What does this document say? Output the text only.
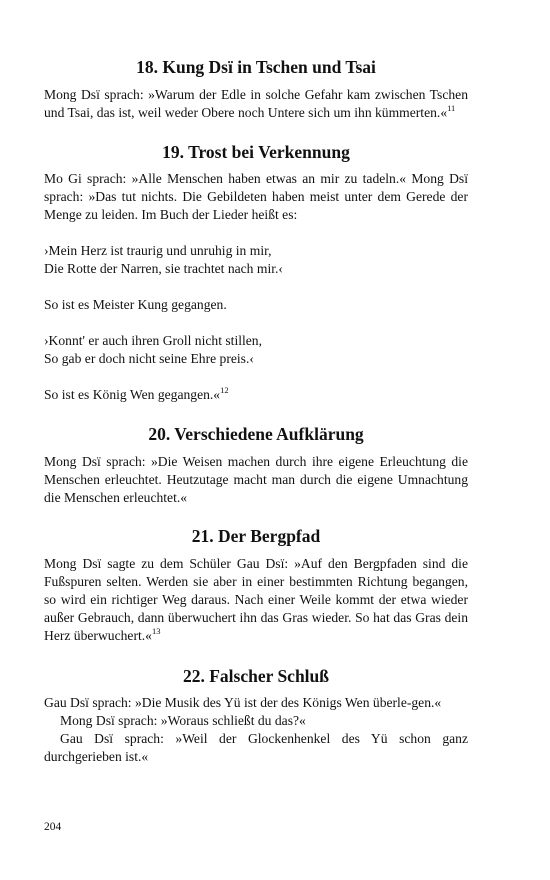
18. Kung Dsï in Tschen und Tsai

Mong Dsï sprach: »Warum der Edle in solche Gefahr kam zwischen Tschen und Tsai, das ist, weil weder Obere noch Untere sich um ihn kümmerten.«$^{11}$

19. Trost bei Verkennung

Mo Gi sprach: »Alle Menschen haben etwas an mir zu tadeln.« Mong Dsï sprach: »Das tut nichts. Die Gebildeten haben meist unter dem Gerede der Menge zu leiden. Im Buch der Lieder heißt es:

›Mein Herz ist traurig und unruhig in mir,

Die Rotte der Narren, sie trachtet nach mir.‹

So ist es Meister Kung gegangen.

›Konnt' er auch ihren Groll nicht stillen,

So gab er doch nicht seine Ehre preis.‹

So ist es König Wen gegangen.«$^{12}$

20. Verschiedene Aufklärung

Mong Dsï sprach: »Die Weisen machen durch ihre eigene Erleuchtung die Menschen erleuchtet. Heutzutage macht man durch die eigene Umnachtung die Menschen erleuchtet.«

21. Der Bergpfad

Mong Dsï sagte zu dem Schüler Gau Dsï: »Auf den Bergpfaden sind die Fußspuren selten. Werden sie aber in einer bestimmten Richtung begangen, so wird ein richtiger Weg daraus. Nach einer Weile kommt der etwa wieder außer Gebrauch, dann überwuchert ihn das Gras wieder. So hat das Gras dein Herz überwuchert.«$^{13}$

22. Falscher Schluß

Gau Dsï sprach: »Die Musik des Yü ist der des Königs Wen überle-gen.«

Mong Dsï sprach: »Woraus schließt du das?«

Gau Dsï sprach: »Weil der Glockenhenkel des Yü schon ganz durchgerieben ist.«

204
